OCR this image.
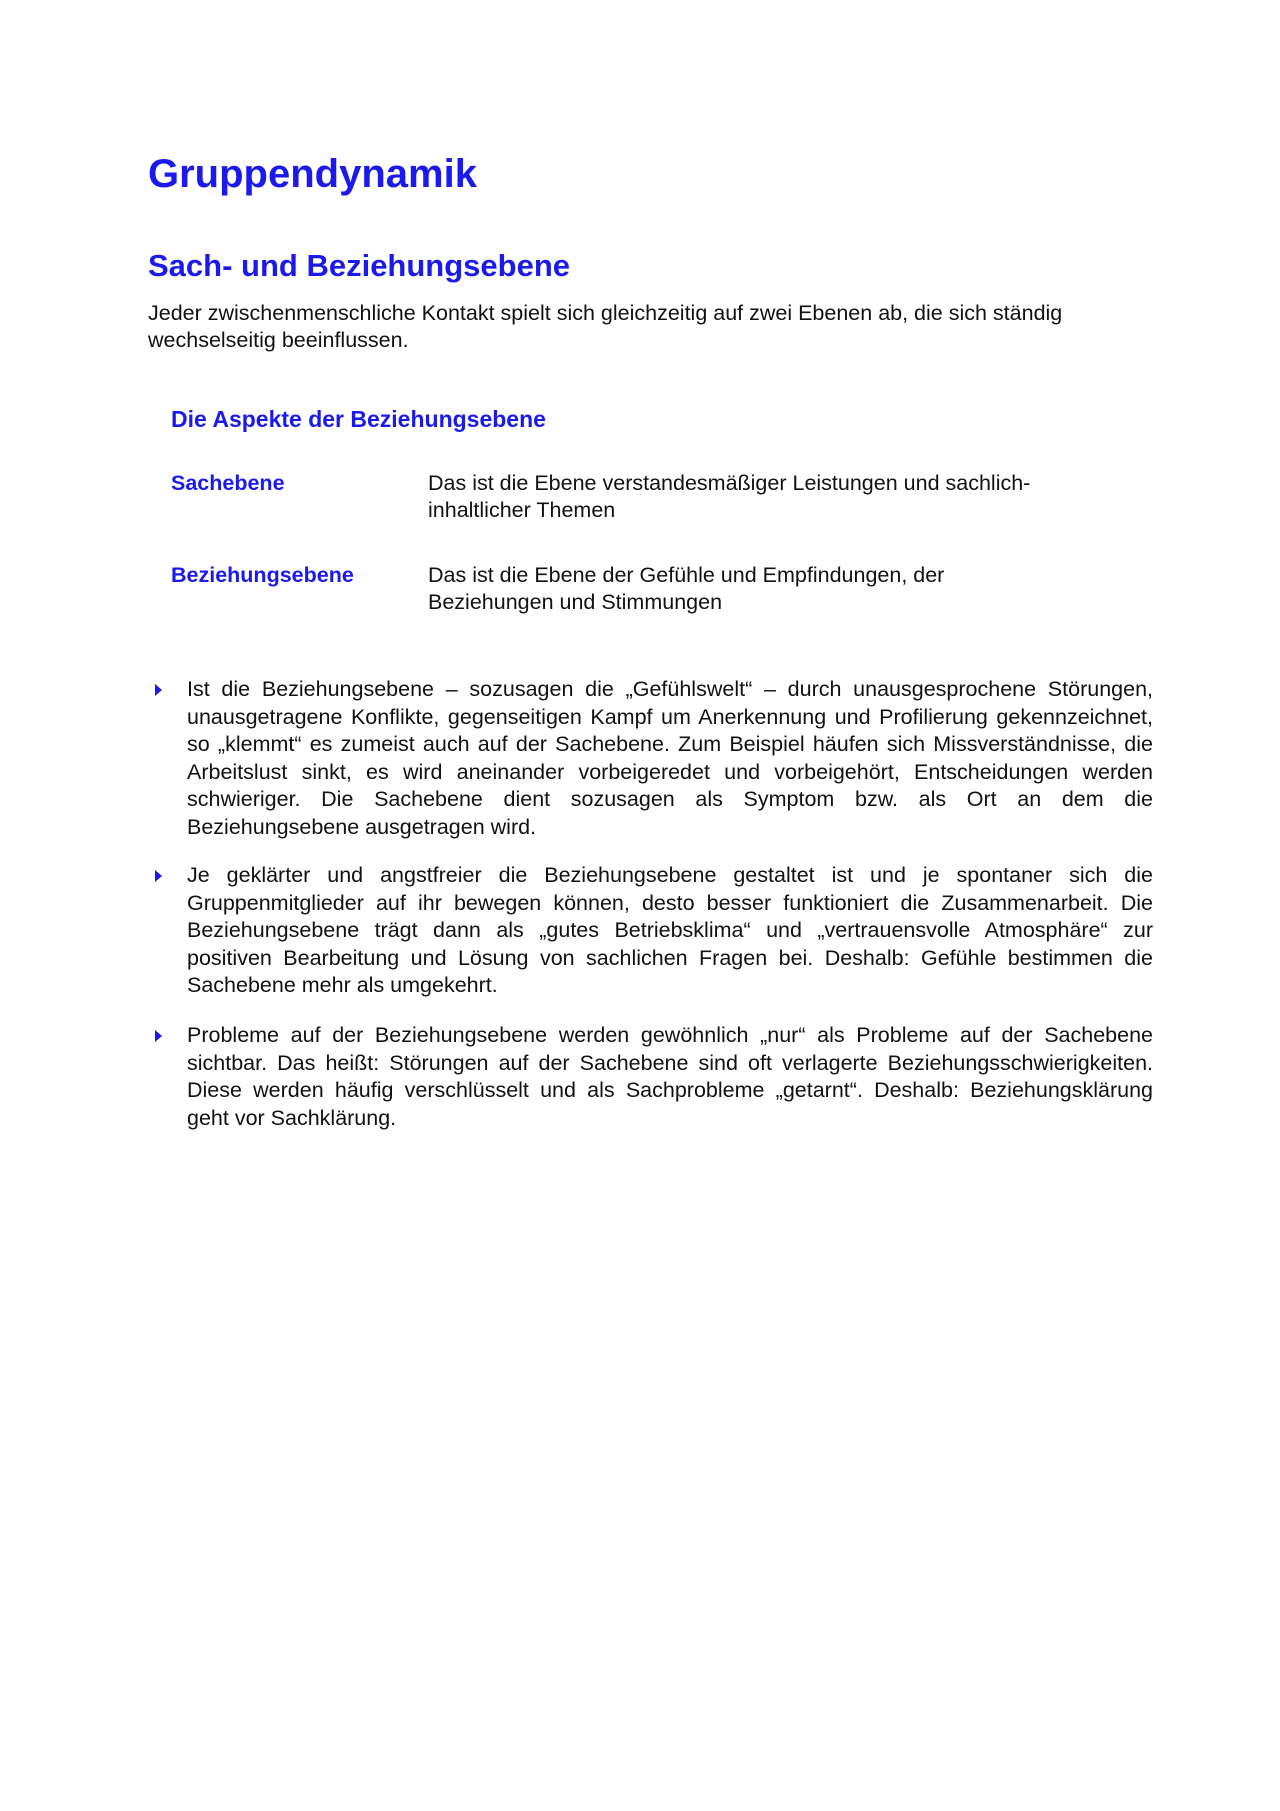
Gruppendynamik
Sach- und Beziehungsebene

Jeder zwischenmenschliche Kontakt spielt sich gleichzeitig auf zwei Ebenen ab, die sich ständig wechselseitig beeinflussen.

Die Aspekte der Beziehungsebene
Sachebene	Das ist die Ebene verstandesmäßiger Leistungen und sachlich-inhaltlicher Themen
Beziehungsebene	Das ist die Ebene der Gefühle und Empfindungen, der Beziehungen und Stimmungen

Ist die Beziehungsebene – sozusagen die „Gefühlswelt“ – durch unausgesprochene Störungen, unausgetragene Konflikte, gegenseitigen Kampf um Anerkennung und Profilierung gekennzeichnet, so „klemmt“ es zumeist auch auf der Sachebene. Zum Beispiel häufen sich Missverständnisse, die Arbeitslust sinkt, es wird aneinander vorbeigeredet und vorbeigehört, Entscheidungen werden schwieriger. Die Sachebene dient sozusagen als Symptom bzw. als Ort an dem die Beziehungsebene ausgetragen wird.

Je geklärter und angstfreier die Beziehungsebene gestaltet ist und je spontaner sich die Gruppenmitglieder auf ihr bewegen können, desto besser funktioniert die Zusammenarbeit. Die Beziehungsebene trägt dann als „gutes Betriebsklima“ und „vertrauensvolle Atmosphäre“ zur positiven Bearbeitung und Lösung von sachlichen Fragen bei. Deshalb: Gefühle bestimmen die Sachebene mehr als umgekehrt.

Probleme auf der Beziehungsebene werden gewöhnlich „nur“ als Probleme auf der Sachebene sichtbar. Das heißt: Störungen auf der Sachebene sind oft verlagerte Beziehungsschwierigkeiten. Diese werden häufig verschlüsselt und als Sachprobleme „getarnt“. Deshalb: Beziehungsklärung geht vor Sachklärung.
